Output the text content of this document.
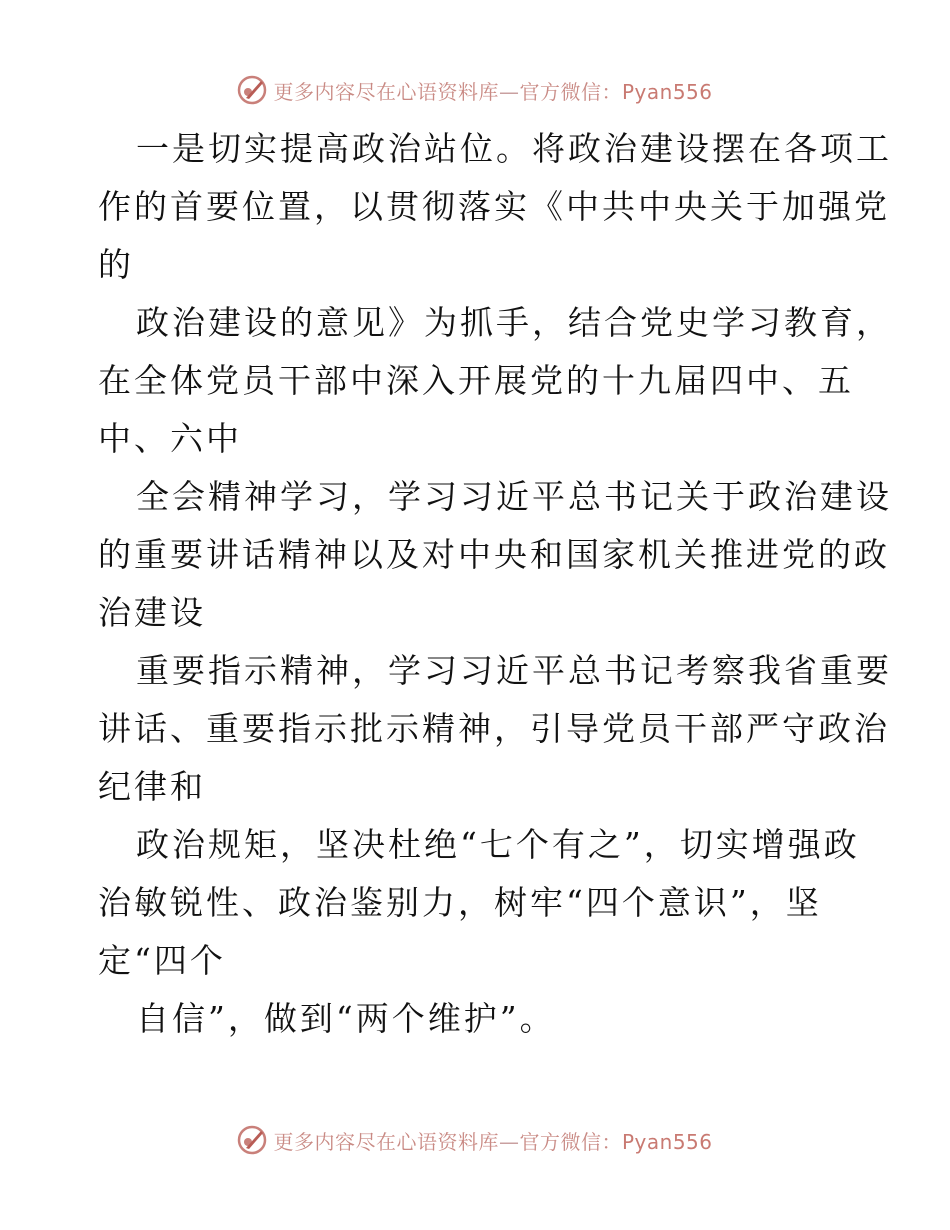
更多内容尽在心语资料库—官方微信：Pyan556
一是切实提高政治站位。将政治建设摆在各项工
作的首要位置，以贯彻落实《中共中央关于加强党
的
政治建设的意见》为抓手，结合党史学习教育，
在全体党员干部中深入开展党的十九届四中、五
中、六中
全会精神学习，学习习近平总书记关于政治建设
的重要讲话精神以及对中央和国家机关推进党的政
治建设
重要指示精神，学习习近平总书记考察我省重要
讲话、重要指示批示精神，引导党员干部严守政治
纪律和
政治规矩，坚决杜绝“七个有之”，切实增强政
治敏锐性、政治鉴别力，树牢“四个意识”，坚
定“四个
自信”，做到“两个维护”。
更多内容尽在心语资料库—官方微信：Pyan556
